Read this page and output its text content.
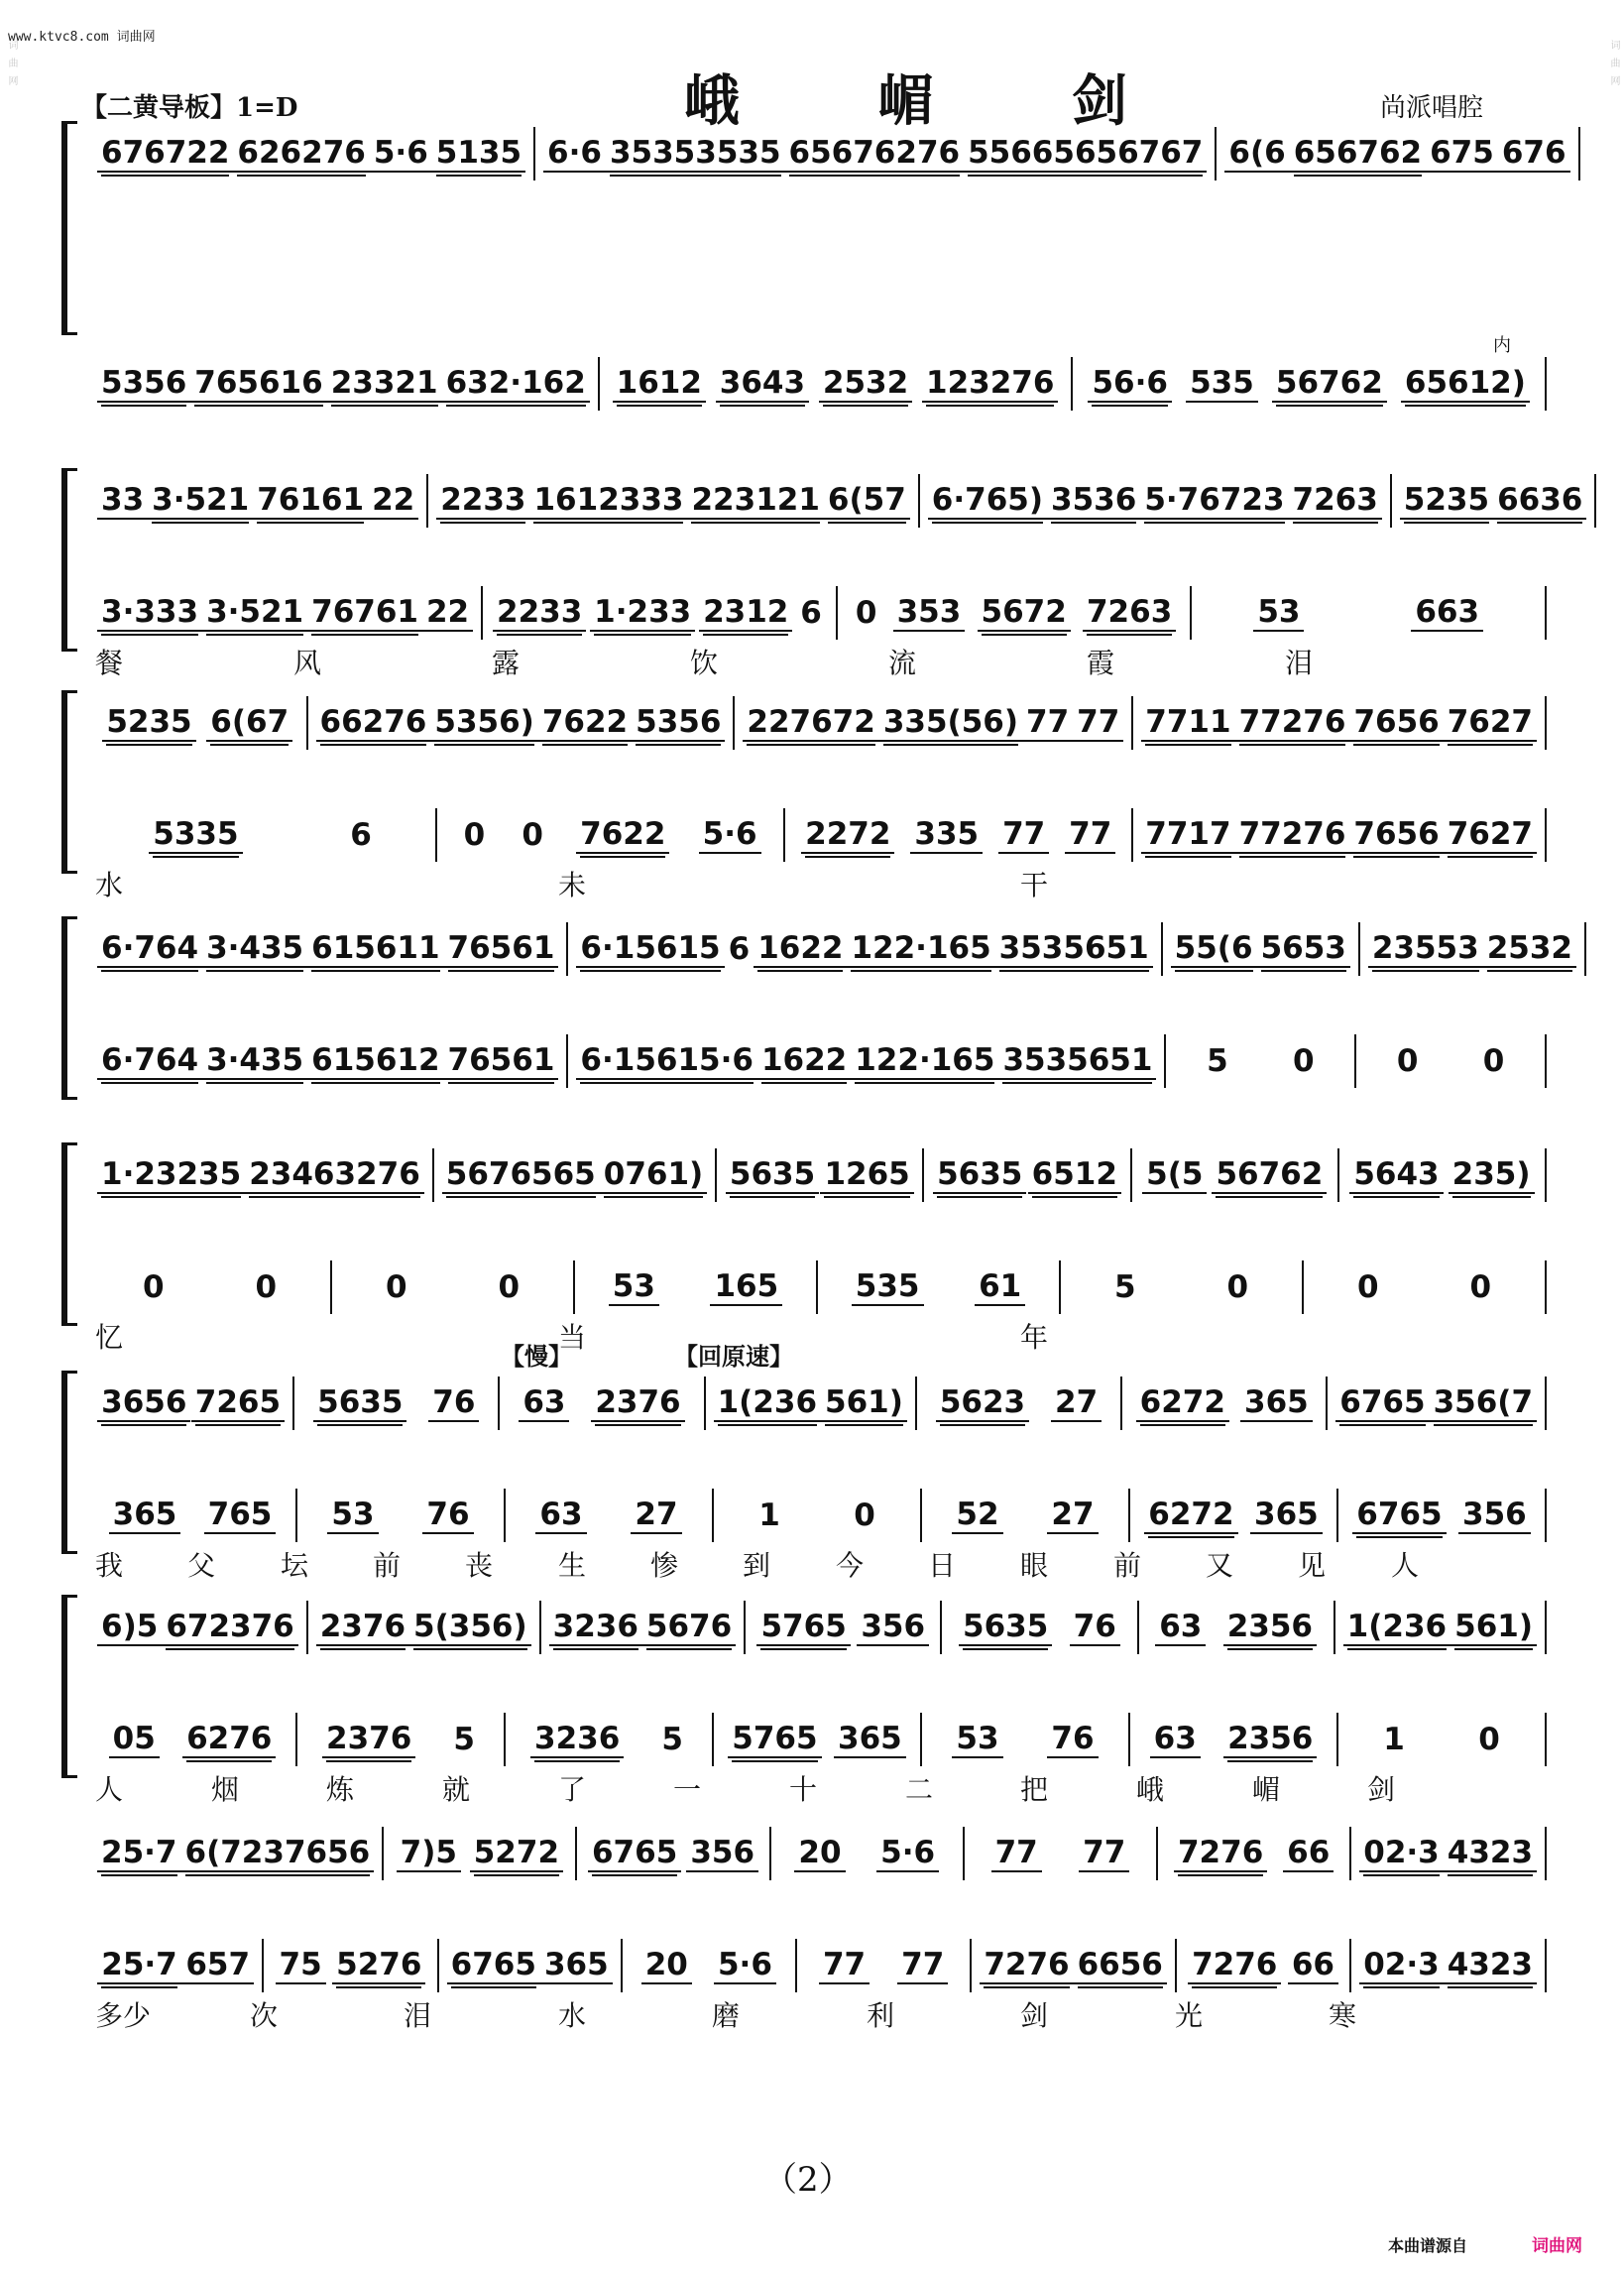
词曲网	词曲网
www.ktvc8.com 词曲网
【二黄导板】1=D	峨 嵋 剑	尚派唱腔
676722 626276 5·6 5135 6·6 35353535 65676276 55665656767 6(6 656762 675 676
5356 765616 23321 632·162 1612 3643 2532 123276 56·6 535 56762 65612)
内
33 3·521 76161 22 2233 1612333 223121 6(57 6·765) 3536 5·76723 7263 5235 6636
3·333 3·521 76761 22 2233 1·233 2312 6 0 353 5672 7263	53	663
餐	风	露	饮	流	霞	泪
5235 6(67 66276 5356) 7622 5356 227672 335(56) 77 77 7711 77276 7656 7627
5335	6	0 0 7622 5·6 2272 335 77 77 7717 77276 7656 7627
水	未	干
6·764 3·435 615611 76561 6·15615 6 1622 122·165 3535651 55(6 5653 23553 2532
6·764 3·435 615612 76561 6·15615·6 1622 122·165 3535651 5 0	0 0
1·23235 23463276 5676565 0761) 5635 1265 5635 6512 5(5 56762 5643 235)
0	0	0	0	53 165	535 61	5	0	0	0
忆	当	年
3656 7265 5635 76 63 2376 1(236 561) 5623 27 6272 365 6765 356(7
365 765 53 76 63 27	1 0	52 27 6272 365 6765 356
我 父 坛 前 丧 生 惨 到 今 日 眼 前 又 见 人
【慢】	【回原速】
6)5 672376 2376 5(356) 3236 5676 5765 356 5635 76 63 2356 1(236 561)
05 6276 2376 5 3236 5 5765 365 53 76 63 2356 1 0
人	烟	炼	就	了	一	十	二	把	峨	嵋	剑
25·7 6(7237656 7)5 5272 6765 356 20 5·6 77 77 7276 66 02·3 4323
25·7 657 75 5276 6765 365 20 5·6 77 77 7276 6656 7276 66 02·3 4323
多少	次	泪	水	磨	利	剑	光	寒
（2）
本曲谱源自	词曲网
